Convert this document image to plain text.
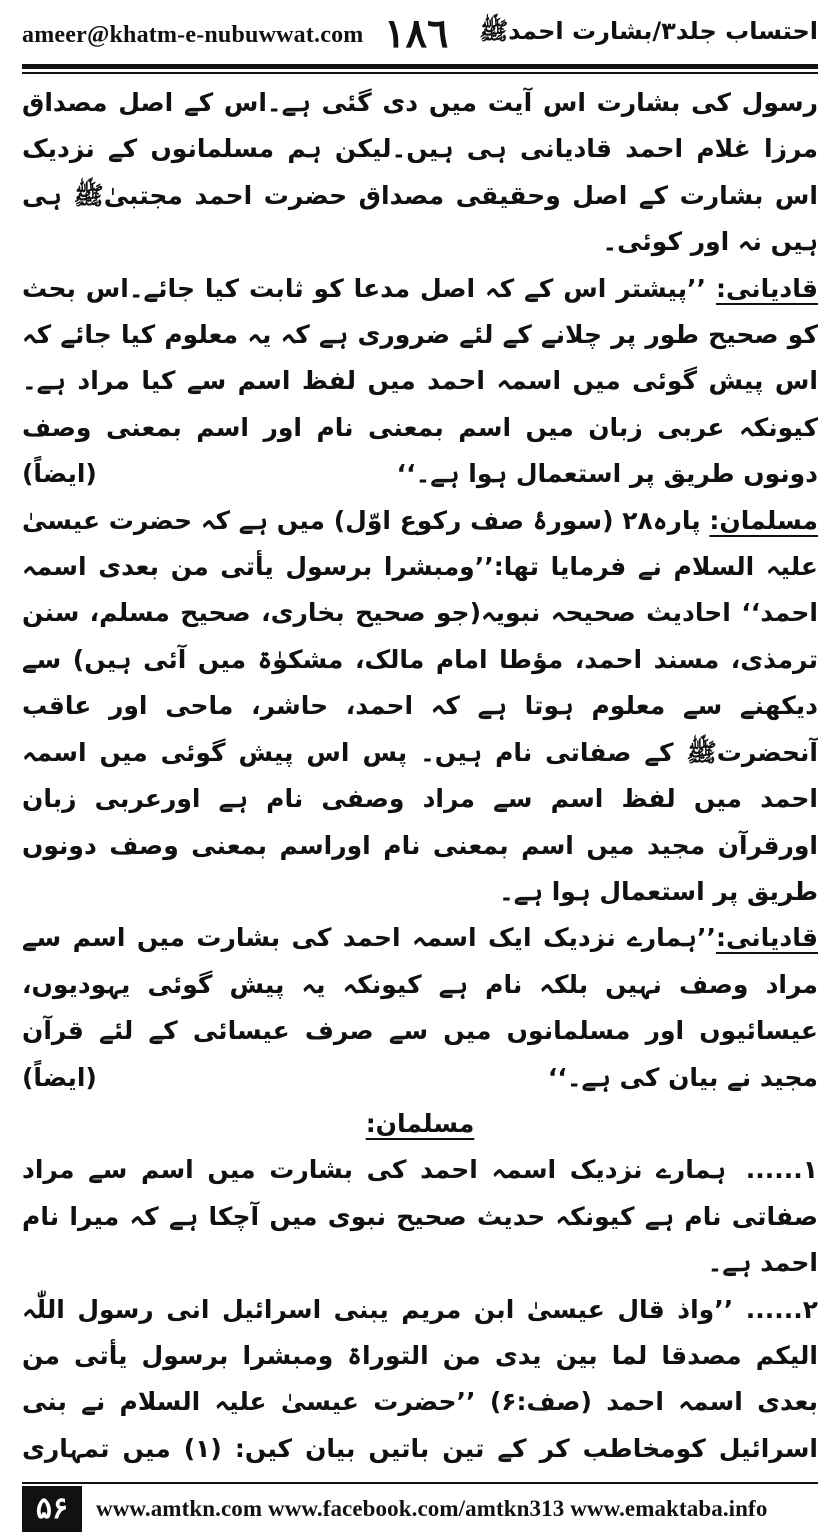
ameer@khatm-e-nubuwwat.com ١٨٦ احتساب جلد۳/بشارت احمدﷺ

رسول کی بشارت اس آیت میں دی گئی ہے۔اس کے اصل مصداق مرزا غلام احمد قادیانی ہی ہیں۔لیکن ہم مسلمانوں کے نزدیک اس بشارت کے اصل وحقیقی مصداق حضرت احمد مجتبیٰﷺ ہی ہیں نہ اور کوئی۔

قادیانی: ’’پیشتر اس کے کہ اصل مدعا کو ثابت کیا جائے۔اس بحث کو صحیح طور پر چلانے کے لئے ضروری ہے کہ یہ معلوم کیا جائے کہ اس پیش گوئی میں اسمہ احمد میں لفظ اسم سے کیا مراد ہے۔ کیونکہ عربی زبان میں اسم بمعنی نام اور اسم بمعنی وصف دونوں طریق پر استعمال ہوا ہے۔‘‘
(ایضاً)

مسلمان: پارہ۲۸ (سورۂ صف رکوع اوّل) میں ہے کہ حضرت عیسیٰ علیہ السلام نے فرمایا تھا:’’ومبشرا برسول یأتی من بعدی اسمہ احمد‘‘ احادیث صحیحہ نبویہ(جو صحیح بخاری، صحیح مسلم، سنن ترمذی، مسند احمد، مؤطا امام مالک، مشکوٰۃ میں آئی ہیں) سے دیکھنے سے معلوم ہوتا ہے کہ احمد، حاشر، ماحی اور عاقب آنحضرتﷺ کے صفاتی نام ہیں۔ پس اس پیش گوئی میں اسمہ احمد میں لفظ اسم سے مراد وصفی نام ہے اورعربی زبان اورقرآن مجید میں اسم بمعنی نام اوراسم بمعنی وصف دونوں طریق پر استعمال ہوا ہے۔

قادیانی:’’ہمارے نزدیک ایک اسمہ احمد کی بشارت میں اسم سے مراد وصف نہیں بلکہ نام ہے کیونکہ یہ پیش گوئی یہودیوں، عیسائیوں اور مسلمانوں میں سے صرف عیسائی کے لئے قرآن مجید نے بیان کی ہے۔‘‘
(ایضاً)

مسلمان:

۱......ہمارے نزدیک اسمہ احمد کی بشارت میں اسم سے مراد صفاتی نام ہے کیونکہ حدیث صحیح نبوی میں آچکا ہے کہ میرا نام احمد ہے۔

۲...... ’’واذ قال عیسیٰ ابن مریم یبنی اسرائیل انی رسول اللّٰہ الیکم مصدقا لما بین یدی من التوراۃ ومبشرا برسول یأتی من بعدی اسمہ احمد (صف:۶) ’’حضرت عیسیٰ علیہ السلام نے بنی اسرائیل کومخاطب کر کے تین باتیں بیان کیں: (۱) میں تمہاری

۵۶	www.amtkn.com www.facebook.com/amtkn313 www.emaktaba.info
